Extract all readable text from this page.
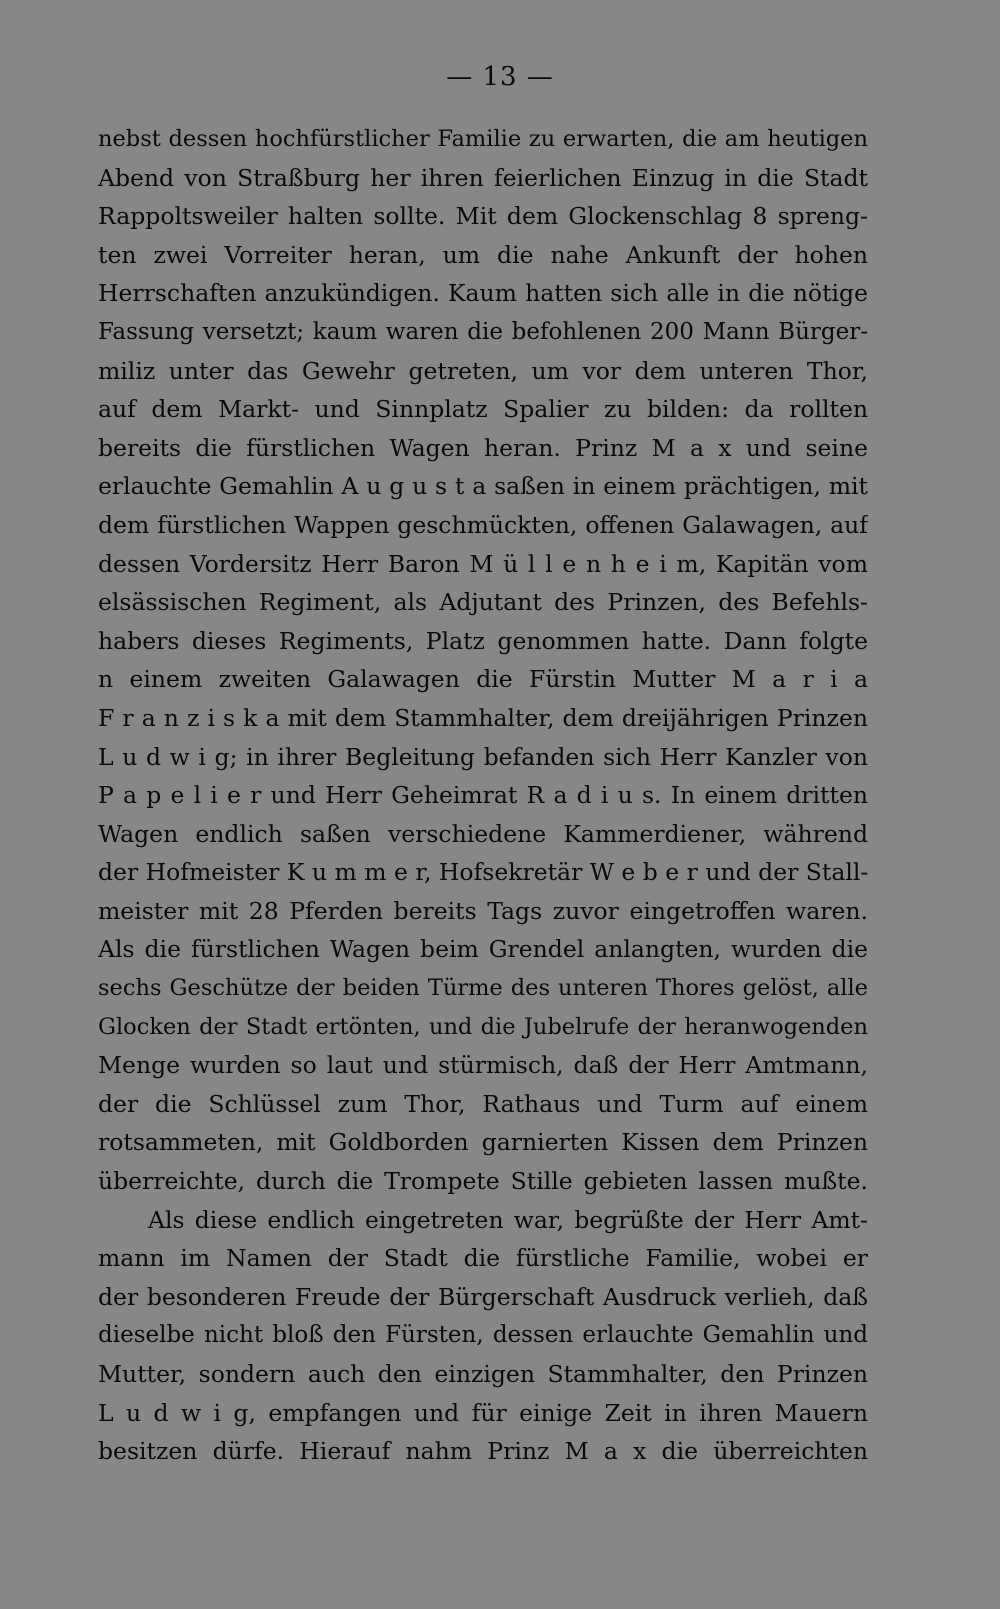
— 13 —
nebst dessen hochfürstlicher Familie zu erwarten, die am heutigen
Abend von Straßburg her ihren feierlichen Einzug in die Stadt
Rappoltsweiler halten sollte. Mit dem Glockenschlag 8 spreng-
ten zwei Vorreiter heran, um die nahe Ankunft der hohen
Herrschaften anzukündigen. Kaum hatten sich alle in die nötige
Fassung versetzt; kaum waren die befohlenen 200 Mann Bürger-
miliz unter das Gewehr getreten, um vor dem unteren Thor,
auf dem Markt- und Sinnplatz Spalier zu bilden: da rollten
bereits die fürstlichen Wagen heran. Prinz M a x und seine
erlauchte Gemahlin A u g u s t a saßen in einem prächtigen, mit
dem fürstlichen Wappen geschmückten, offenen Galawagen, auf
dessen Vordersitz Herr Baron M ü l l e n h e i m, Kapitän vom
elsässischen Regiment, als Adjutant des Prinzen, des Befehls-
habers dieses Regiments, Platz genommen hatte. Dann folgte
n einem zweiten Galawagen die Fürstin Mutter M a r i a
F r a n z i s k a mit dem Stammhalter, dem dreijährigen Prinzen
L u d w i g; in ihrer Begleitung befanden sich Herr Kanzler von
P a p e l i e r und Herr Geheimrat R a d i u s. In einem dritten
Wagen endlich saßen verschiedene Kammerdiener, während
der Hofmeister K u m m e r, Hofsekretär W e b e r und der Stall-
meister mit 28 Pferden bereits Tags zuvor eingetroffen waren.
Als die fürstlichen Wagen beim Grendel anlangten, wurden die
sechs Geschütze der beiden Türme des unteren Thores gelöst, alle
Glocken der Stadt ertönten, und die Jubelrufe der heranwogenden
Menge wurden so laut und stürmisch, daß der Herr Amtmann,
der die Schlüssel zum Thor, Rathaus und Turm auf einem
rotsammeten, mit Goldborden garnierten Kissen dem Prinzen
überreichte, durch die Trompete Stille gebieten lassen mußte.
Als diese endlich eingetreten war, begrüßte der Herr Amt-
mann im Namen der Stadt die fürstliche Familie, wobei er
der besonderen Freude der Bürgerschaft Ausdruck verlieh, daß
dieselbe nicht bloß den Fürsten, dessen erlauchte Gemahlin und
Mutter, sondern auch den einzigen Stammhalter, den Prinzen
L u d w i g, empfangen und für einige Zeit in ihren Mauern
besitzen dürfe. Hierauf nahm Prinz M a x die überreichten
